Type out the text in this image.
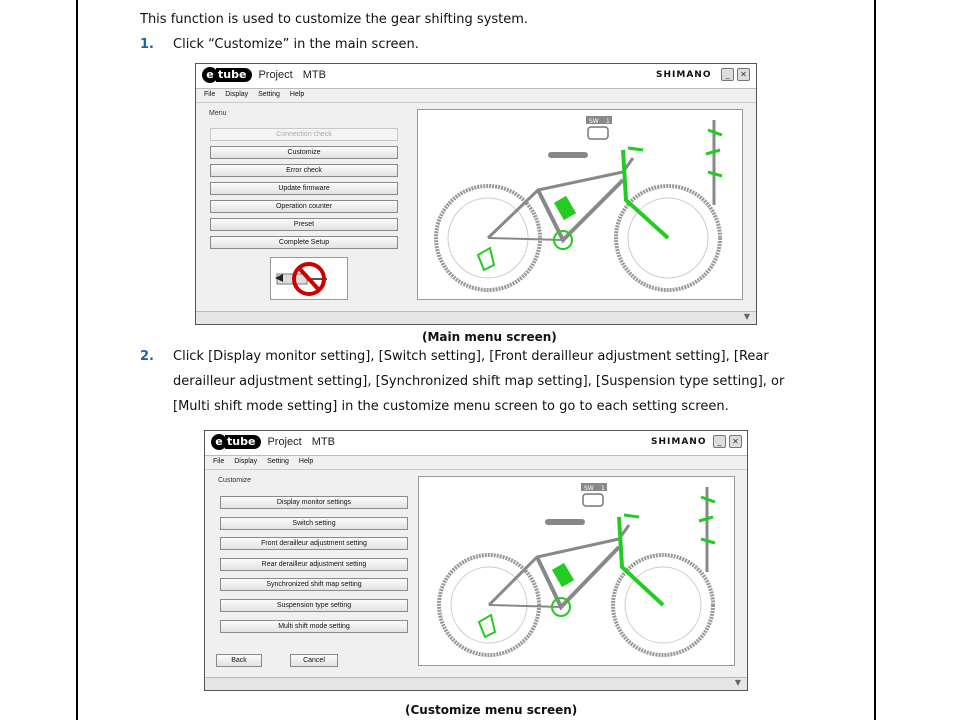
This function is used to customize the gear shifting system.
1. Click “Customize” in the main screen.
e tube	Project MTB	SHIMANO	_	✕
File Display Setting Help
Menu
Connection check
Customize
Error check
Update firmware
Operation counter
Preset
Complete Setup
SW 1
▼
(Main menu screen)
2. Click [Display monitor setting], [Switch setting], [Front derailleur adjustment setting], [Rear
derailleur adjustment setting], [Synchronized shift map setting], [Suspension type setting], or
[Multi shift mode setting] in the customize menu screen to go to each setting screen.
e tube	Project MTB	SHIMANO	_	✕
File Display Setting Help
Customize
Display monitor settings
Switch setting
Front derailleur adjustment setting
Rear derailleur adjustment setting
Synchronized shift map setting
Suspension type setting
Multi shift mode setting
Back	Cancel
SW 1
▼
(Customize menu screen)
